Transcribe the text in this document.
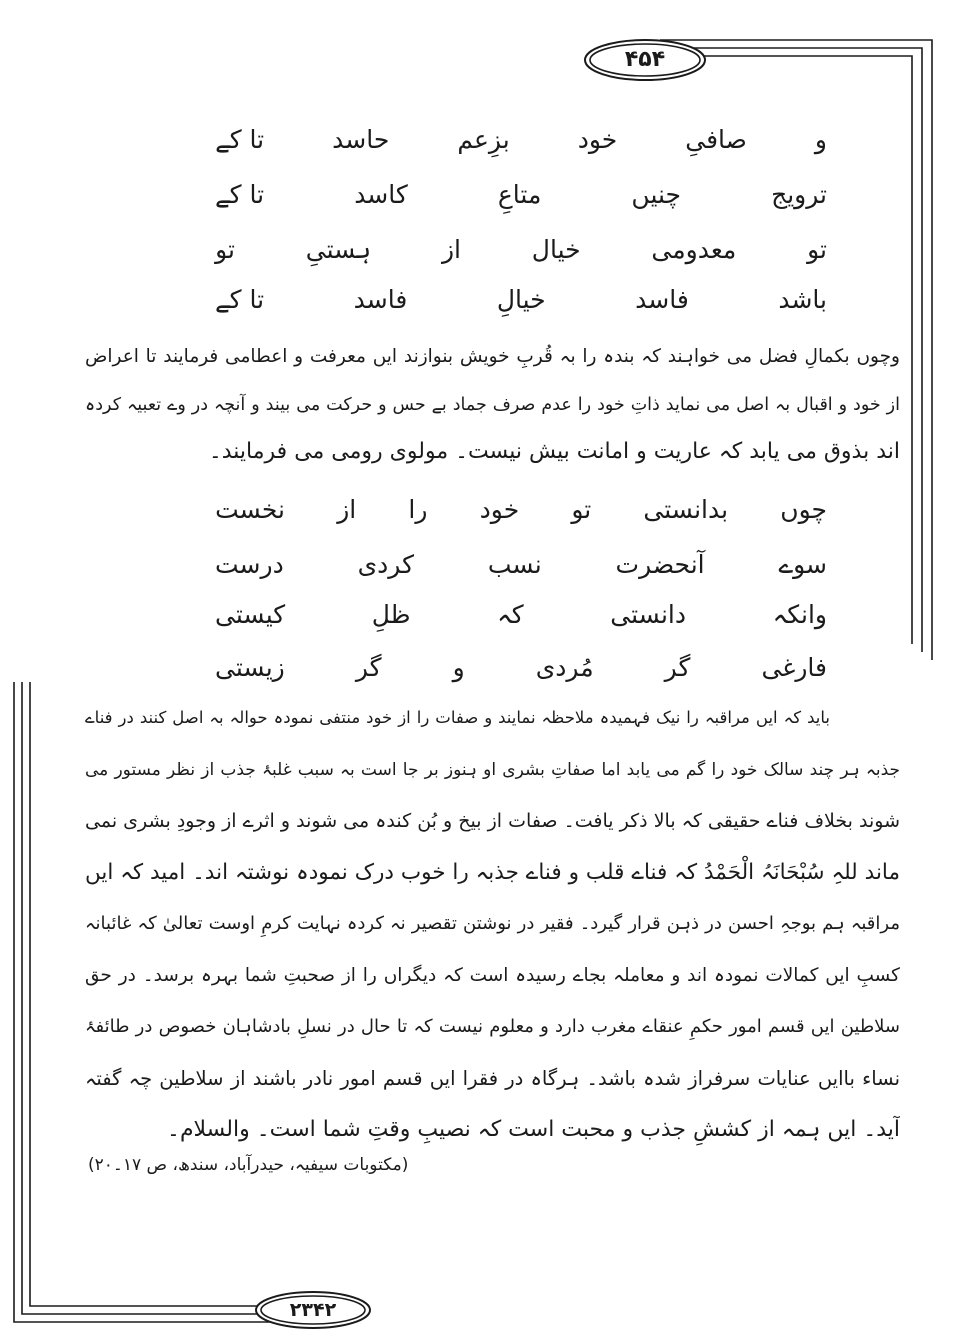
۴۵۴
و
صافیِ
خود
بزِعم
حاسد
تا کے
ترویج
چنیں
متاعِ
کاسد
تا کے
تو
معدومی
خیال
از
ہستیِ
تو
باشد
فاسد
خیالِ
فاسد
تا کے
وچوں بکمالِ فضل می خواہند کہ بندہ را بہ قُربِ خویش بنوازند ایں معرفت و اعطامی فرمایند تا اعراض
از خود و اقبال بہ اصل می نماید ذاتِ خود را عدم صرف جماد بے حس و حرکت می بیند و آنچہ در وے تعبیہ کردہ
اند بذوق می یابد کہ عاریت و امانت بیش نیست۔ مولوی رومی می فرمایند۔
چوں
بدانستی
تو
خود
را
از
نخست
سوے
آنحضرت
نسب
کردی
درست
وانکہ
دانستی
کہ
ظلِ
کیستی
فارغی
گر
مُردی
و
گر
زیستی
باید کہ ایں مراقبہ را نیک فہمیدہ ملاحظہ نمایند و صفات را از خود منتفی نمودہ حوالہ بہ اصل کنند در فناے
جذبہ ہر چند سالک خود را گم می یابد اما صفاتِ بشری او ہنوز بر جا است بہ سبب غلبۂ جذب از نظر مستور می
شوند بخلاف فناے حقیقی کہ بالا ذکر یافت۔ صفات از بیخ و بُن کندہ می شوند و اثرے از وجودِ بشری نمی
ماند للہِ سُبْحَانَہُ الْحَمْدُ کہ فناے قلب و فناے جذبہ را خوب درک نمودہ نوشتہ اند۔ امید کہ ایں
مراقبہ ہم بوجہِ احسن در ذہن قرار گیرد۔ فقیر در نوشتن تقصیر نہ کردہ نہایت کرمِ اوست تعالیٰ کہ غائبانہ
کسبِ ایں کمالات نمودہ اند و معاملہ بجاے رسیدہ است کہ دیگراں را از صحبتِ شما بہرہ برسد۔ در حق
سلاطین ایں قسم امور حکمِ عنقاے مغرب دارد و معلوم نیست کہ تا حال در نسلِ بادشاہان خصوص در طائفۂ
نساء باایں عنایات سرفراز شدہ باشد۔ ہرگاہ در فقرا ایں قسم امور نادر باشند از سلاطین چہ گفتہ
آید۔ ایں ہمہ از کششِ جذب و محبت است کہ نصیبِ وقتِ شما است۔ والسلام۔
(مکتوبات سیفیہ، حیدرآباد، سندھ، ص ۱۷۔۲۰)
۲۳۴۲
